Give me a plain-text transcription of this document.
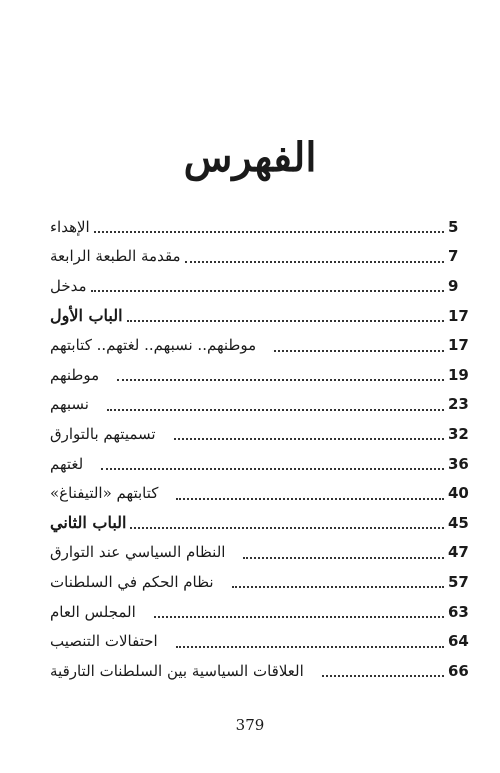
الفهرس
الإهداء	5
مقدمة الطبعة الرابعة	7
مدخل	9
الباب الأول	17
موطنهم.. نسبهم.. لغتهم.. كتابتهم	17
موطنهم	19
نسبهم	23
تسميتهم بالتوارق	32
لغتهم	36
كتابتهم «التيفناغ»	40
الباب الثاني	45
النظام السياسي عند التوارق	47
نظام الحكم في السلطنات	57
المجلس العام	63
احتفالات التنصيب	64
العلاقات السياسية بين السلطنات التارقية	66
379
